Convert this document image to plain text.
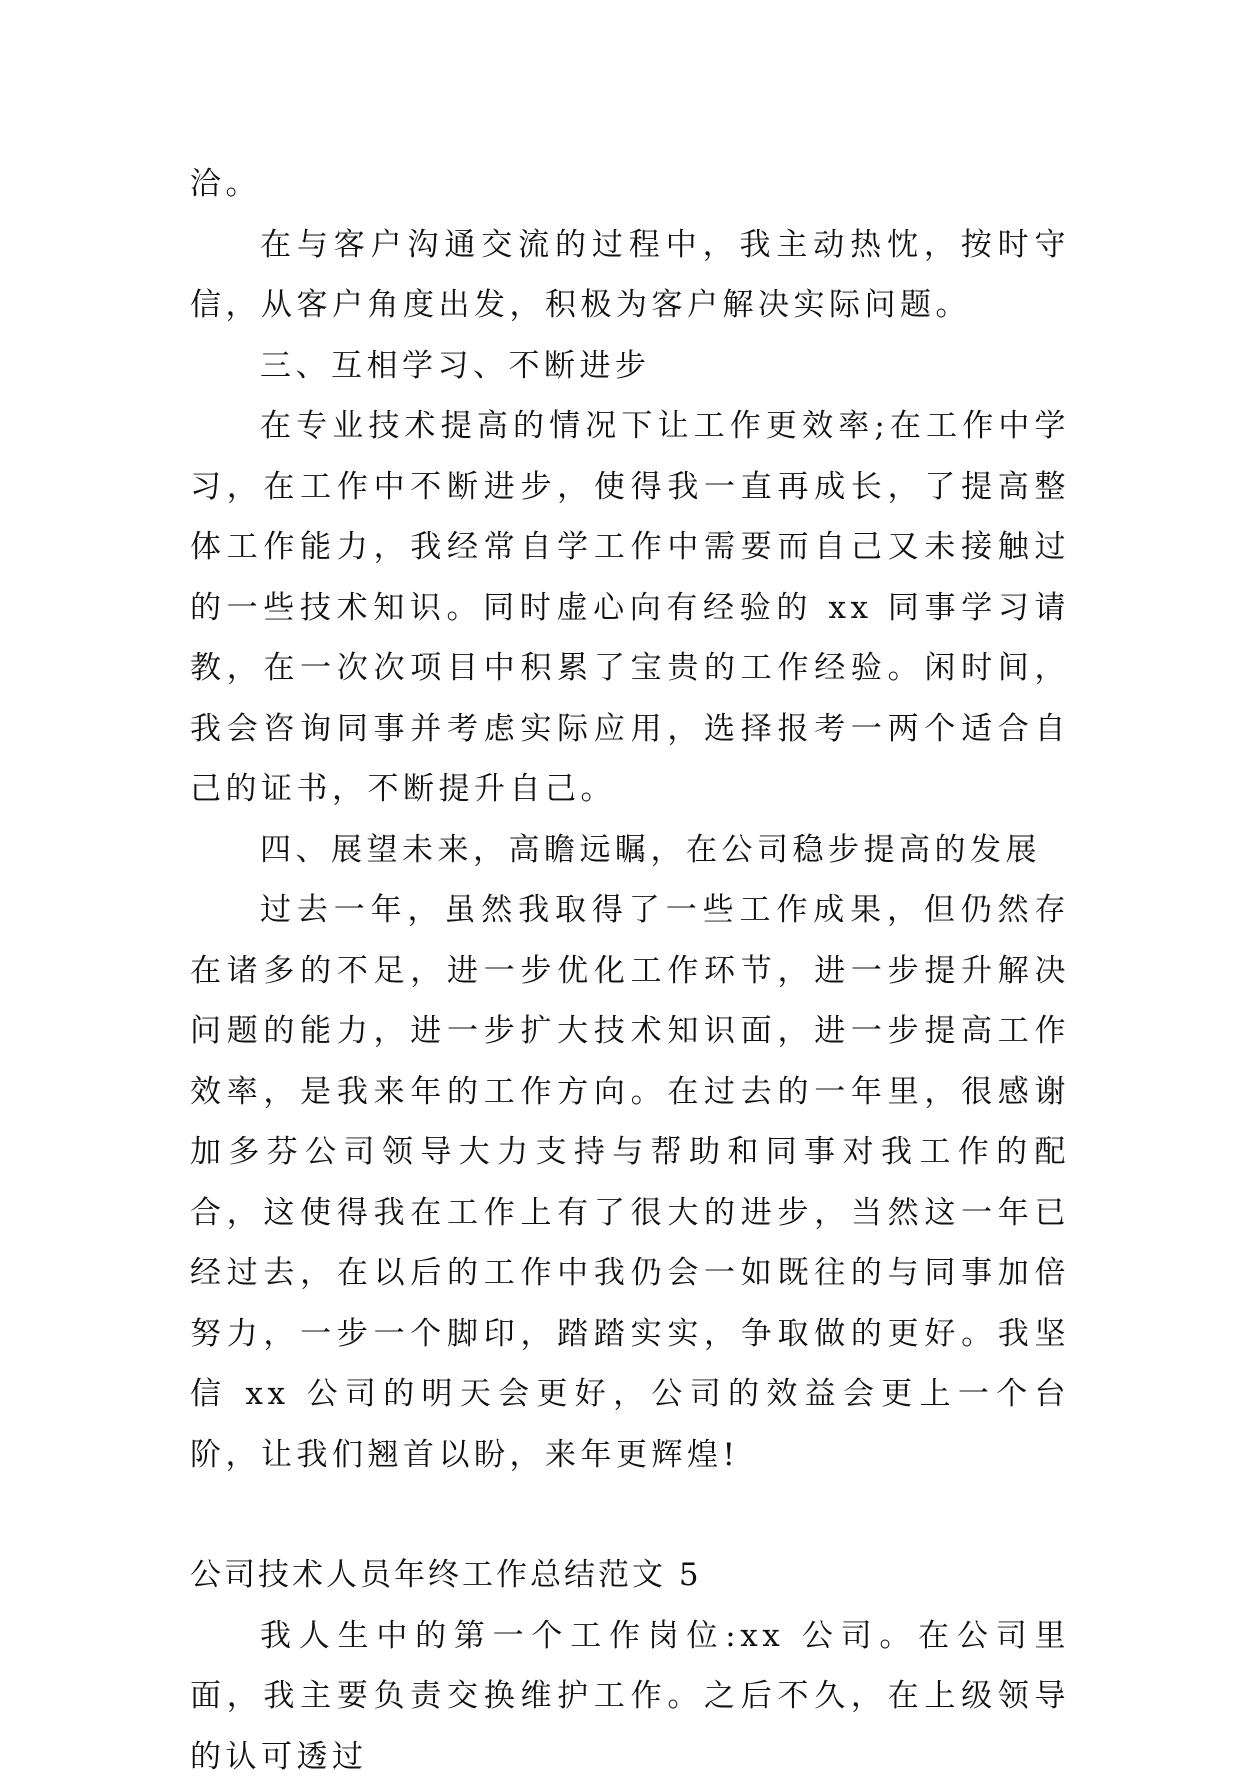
洽。

在与客户沟通交流的过程中，我主动热忱，按时守信，从客户角度出发，积极为客户解决实际问题。

三、互相学习、不断进步

在专业技术提高的情况下让工作更效率;在工作中学习，在工作中不断进步，使得我一直再成长，了提高整体工作能力，我经常自学工作中需要而自己又未接触过的一些技术知识。同时虚心向有经验的 xx 同事学习请教，在一次次项目中积累了宝贵的工作经验。闲时间，我会咨询同事并考虑实际应用，选择报考一两个适合自己的证书，不断提升自己。

四、展望未来，高瞻远瞩，在公司稳步提高的发展

过去一年，虽然我取得了一些工作成果，但仍然存在诸多的不足，进一步优化工作环节，进一步提升解决问题的能力，进一步扩大技术知识面，进一步提高工作效率，是我来年的工作方向。在过去的一年里，很感谢加多芬公司领导大力支持与帮助和同事对我工作的配合，这使得我在工作上有了很大的进步，当然这一年已经过去，在以后的工作中我仍会一如既往的与同事加倍努力，一步一个脚印，踏踏实实，争取做的更好。我坚信 xx 公司的明天会更好，公司的效益会更上一个台阶，让我们翘首以盼，来年更辉煌!

公司技术人员年终工作总结范文 5

我人生中的第一个工作岗位:xx 公司。在公司里面，我主要负责交换维护工作。之后不久，在上级领导的认可透过
